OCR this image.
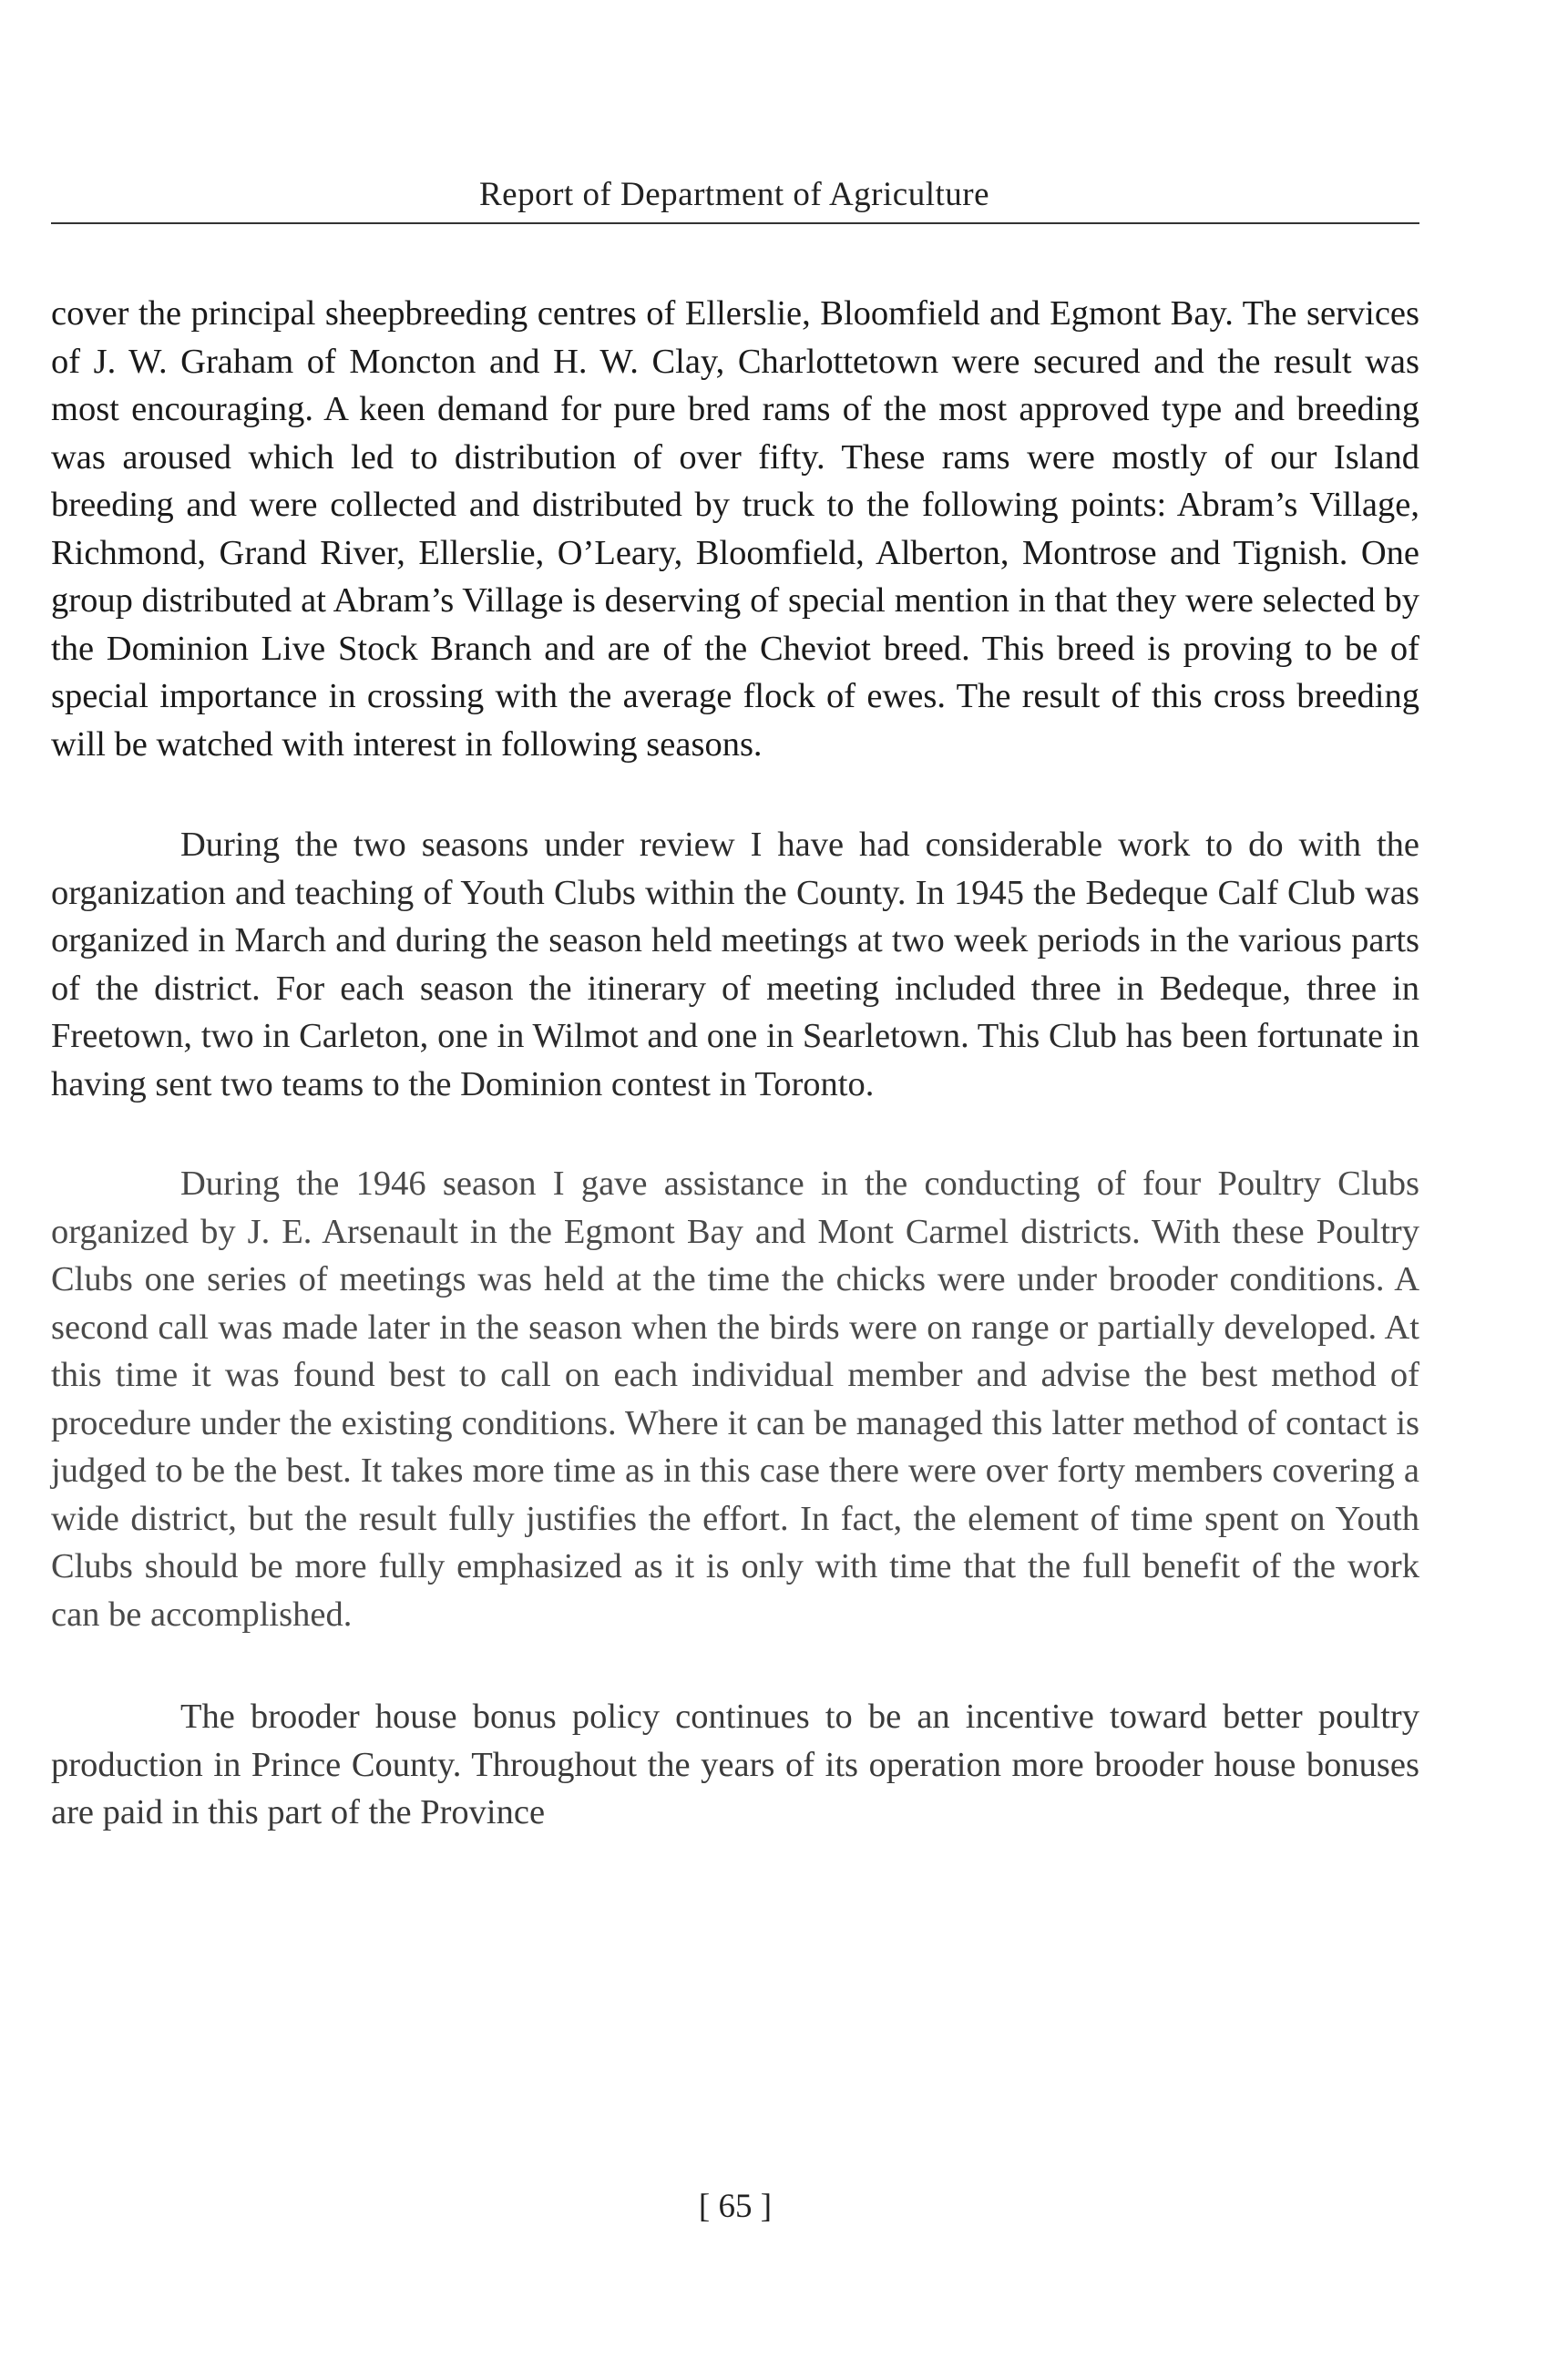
Report of Department of Agriculture

cover the principal sheepbreeding centres of Ellerslie, Bloomfield and Egmont Bay. The services of J. W. Graham of Moncton and H. W. Clay, Charlottetown were secured and the result was most encouraging. A keen demand for pure bred rams of the most approved type and breeding was aroused which led to distribution of over fifty. These rams were mostly of our Island breeding and were collected and distributed by truck to the following points: Abram’s Village, Richmond, Grand River, Ellerslie, O’Leary, Bloomfield, Alberton, Montrose and Tignish. One group distributed at Abram’s Village is deserving of special mention in that they were selected by the Dominion Live Stock Branch and are of the Cheviot breed. This breed is proving to be of special importance in crossing with the average flock of ewes. The result of this cross breeding will be watched with interest in following seasons.

During the two seasons under review I have had considerable work to do with the organization and teaching of Youth Clubs within the County. In 1945 the Bedeque Calf Club was organized in March and during the season held meetings at two week periods in the various parts of the district. For each season the itinerary of meeting included three in Bedeque, three in Freetown, two in Carleton, one in Wilmot and one in Searletown. This Club has been fortunate in having sent two teams to the Dominion contest in Toronto.

During the 1946 season I gave assistance in the conducting of four Poultry Clubs organized by J. E. Arsenault in the Egmont Bay and Mont Carmel districts. With these Poultry Clubs one series of meetings was held at the time the chicks were under brooder conditions. A second call was made later in the season when the birds were on range or partially developed. At this time it was found best to call on each individual member and advise the best method of procedure under the existing conditions. Where it can be managed this latter method of contact is judged to be the best. It takes more time as in this case there were over forty members covering a wide district, but the result fully justifies the effort. In fact, the element of time spent on Youth Clubs should be more fully emphasized as it is only with time that the full benefit of the work can be accomplished.

The brooder house bonus policy continues to be an incentive toward better poultry production in Prince County. Throughout the years of its operation more brooder house bonuses are paid in this part of the Province

[ 65 ]
